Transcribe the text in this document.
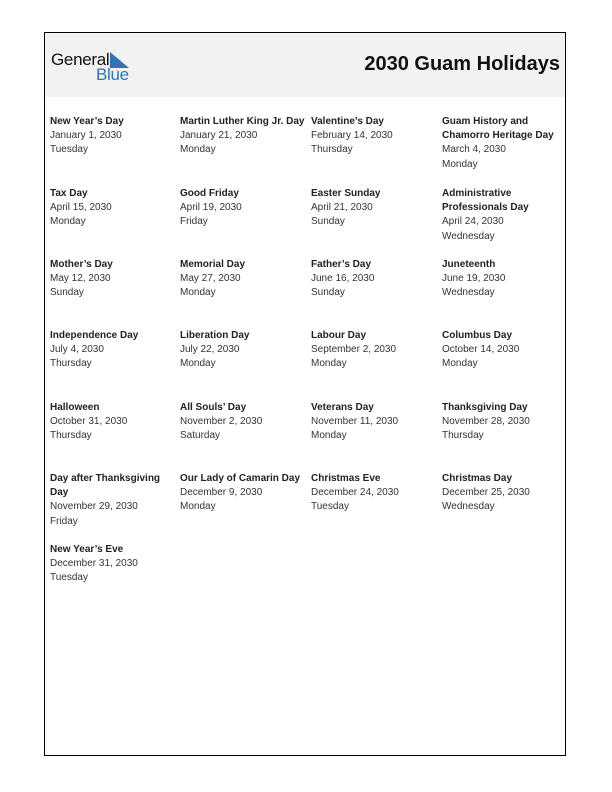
General
Blue	2030 Guam Holidays
New Year’s Day
January 1, 2030
Tuesday
Martin Luther King Jr. Day
January 21, 2030
Monday
Valentine’s Day
February 14, 2030
Thursday
Guam History and Chamorro Heritage Day
March 4, 2030
Monday
Tax Day
April 15, 2030
Monday
Good Friday
April 19, 2030
Friday
Easter Sunday
April 21, 2030
Sunday
Administrative Professionals Day
April 24, 2030
Wednesday
Mother’s Day
May 12, 2030
Sunday
Memorial Day
May 27, 2030
Monday
Father’s Day
June 16, 2030
Sunday
Juneteenth
June 19, 2030
Wednesday
Independence Day
July 4, 2030
Thursday
Liberation Day
July 22, 2030
Monday
Labour Day
September 2, 2030
Monday
Columbus Day
October 14, 2030
Monday
Halloween
October 31, 2030
Thursday
All Souls’ Day
November 2, 2030
Saturday
Veterans Day
November 11, 2030
Monday
Thanksgiving Day
November 28, 2030
Thursday
Day after Thanksgiving Day
November 29, 2030
Friday
Our Lady of Camarin Day
December 9, 2030
Monday
Christmas Eve
December 24, 2030
Tuesday
Christmas Day
December 25, 2030
Wednesday
New Year’s Eve
December 31, 2030
Tuesday
